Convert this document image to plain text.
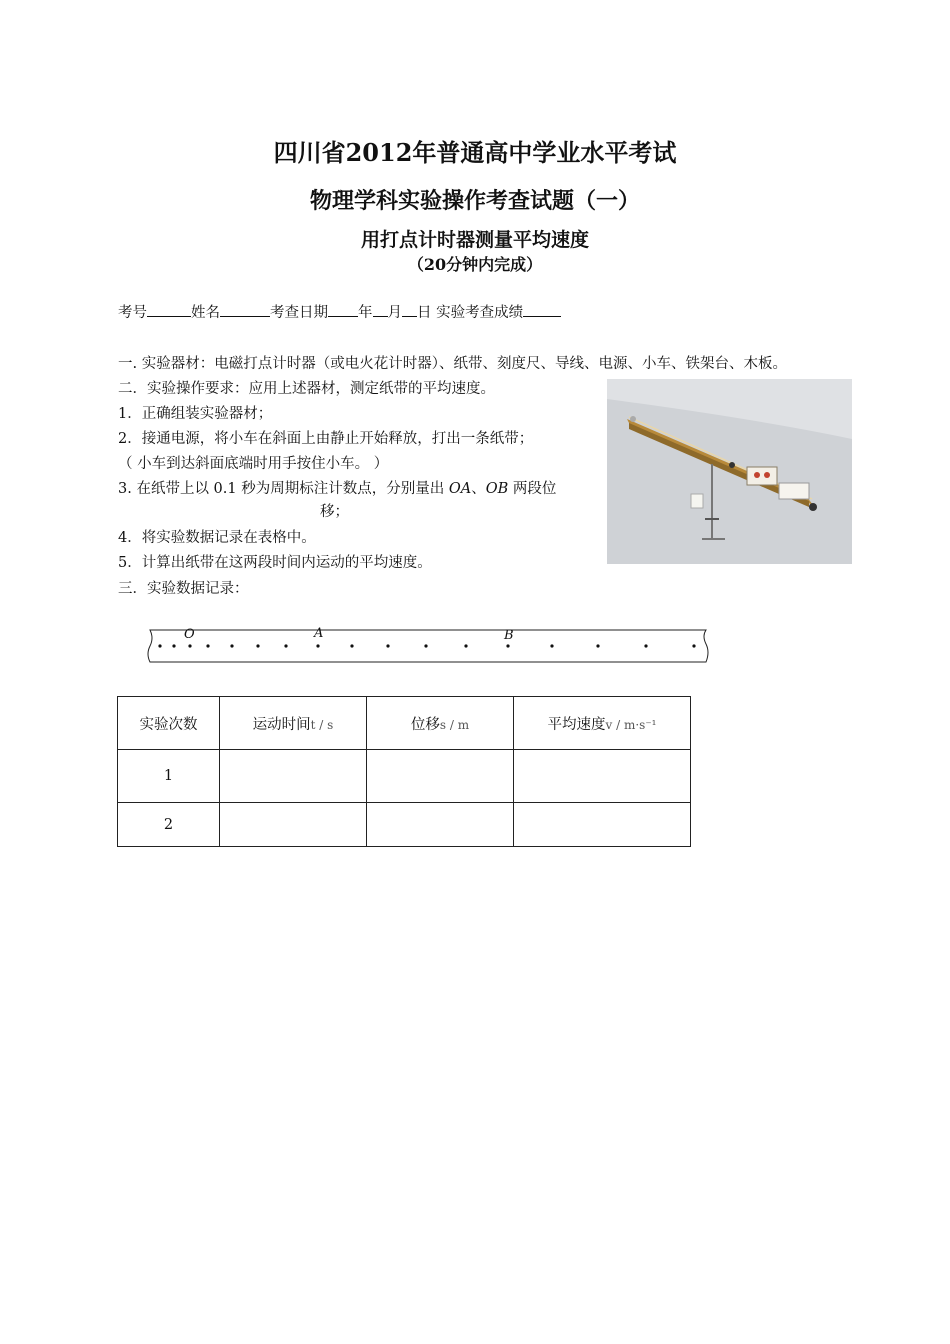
四川省2012年普通高中学业水平考试
物理学科实验操作考查试题（一）
用打点计时器测量平均速度
（20分钟内完成）
考号	姓名	考查日期 年 月 日 实验考查成绩
一. 实验器材：电磁打点计时器（或电火花计时器）、纸带、刻度尺、导线、电源、小车、铁架台、木板。
二．实验操作要求：应用上述器材，测定纸带的平均速度。
1．正确组装实验器材；
2．接通电源，将小车在斜面上由静止开始释放，打出一条纸带；
（ 小车到达斜面底端时用手按住小车。 ）
3. 在纸带上以 0.1 秒为周期标注计数点，分别量出 OA、OB 两段位
移；
4．将实验数据记录在表格中。
5．计算出纸带在这两段时间内运动的平均速度。
三．实验数据记录：
O	A	B
实验次数	运动时间t / s	位移s / m	平均速度v / m·s⁻¹
1			
2			
